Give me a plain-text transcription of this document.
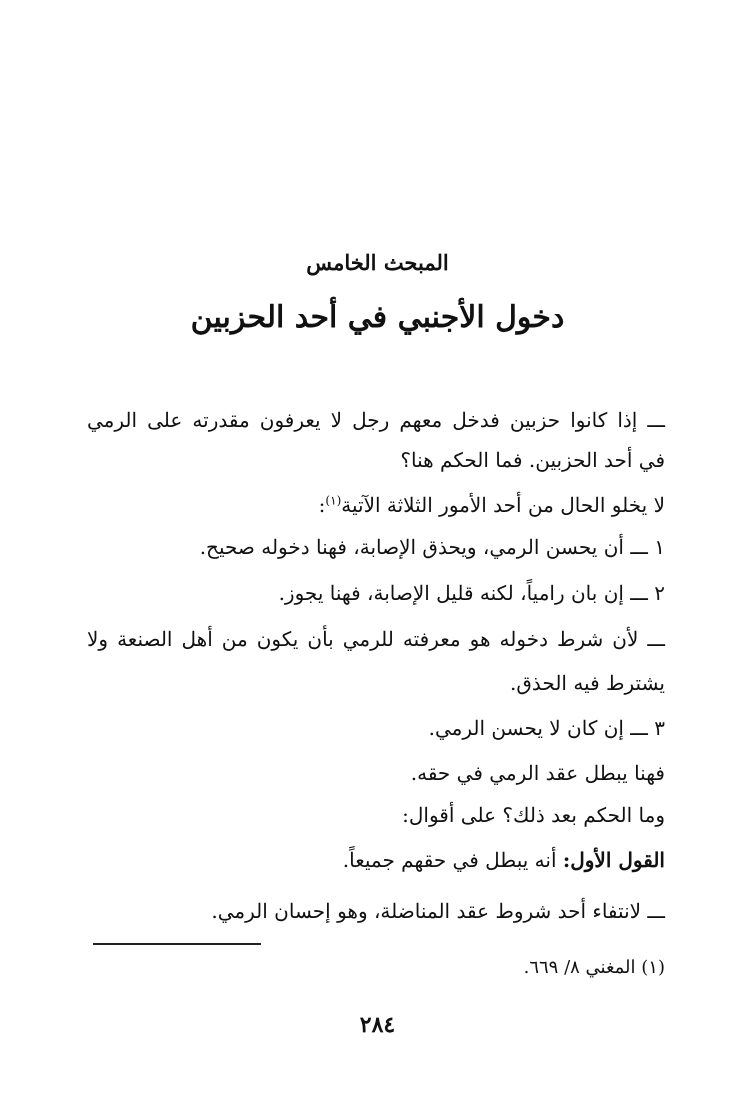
المبحث الخامس
دخول الأجنبي في أحد الحزبين
ـــ إذا كانوا حزبين فدخل معهم رجل لا يعرفون مقدرته على الرمي
في أحد الحزبين. فما الحكم هنا؟
لا يخلو الحال من أحد الأمور الثلاثة الآتية$^{(١)}$:
١ ـــ أن يحسن الرمي، ويحذق الإصابة، فهنا دخوله صحيح.
٢ ـــ إن بان رامياً، لكنه قليل الإصابة، فهنا يجوز.
ـــ لأن شرط دخوله هو معرفته للرمي بأن يكون من أهل الصنعة ولا
يشترط فيه الحذق.
٣ ـــ إن كان لا يحسن الرمي.
فهنا يبطل عقد الرمي في حقه.
وما الحكم بعد ذلك؟ على أقوال:
القول الأول: أنه يبطل في حقهم جميعاً.
ـــ لانتفاء أحد شروط عقد المناضلة، وهو إحسان الرمي.
(١) المغني ٨/ ٦٦٩.
٢٨٤
